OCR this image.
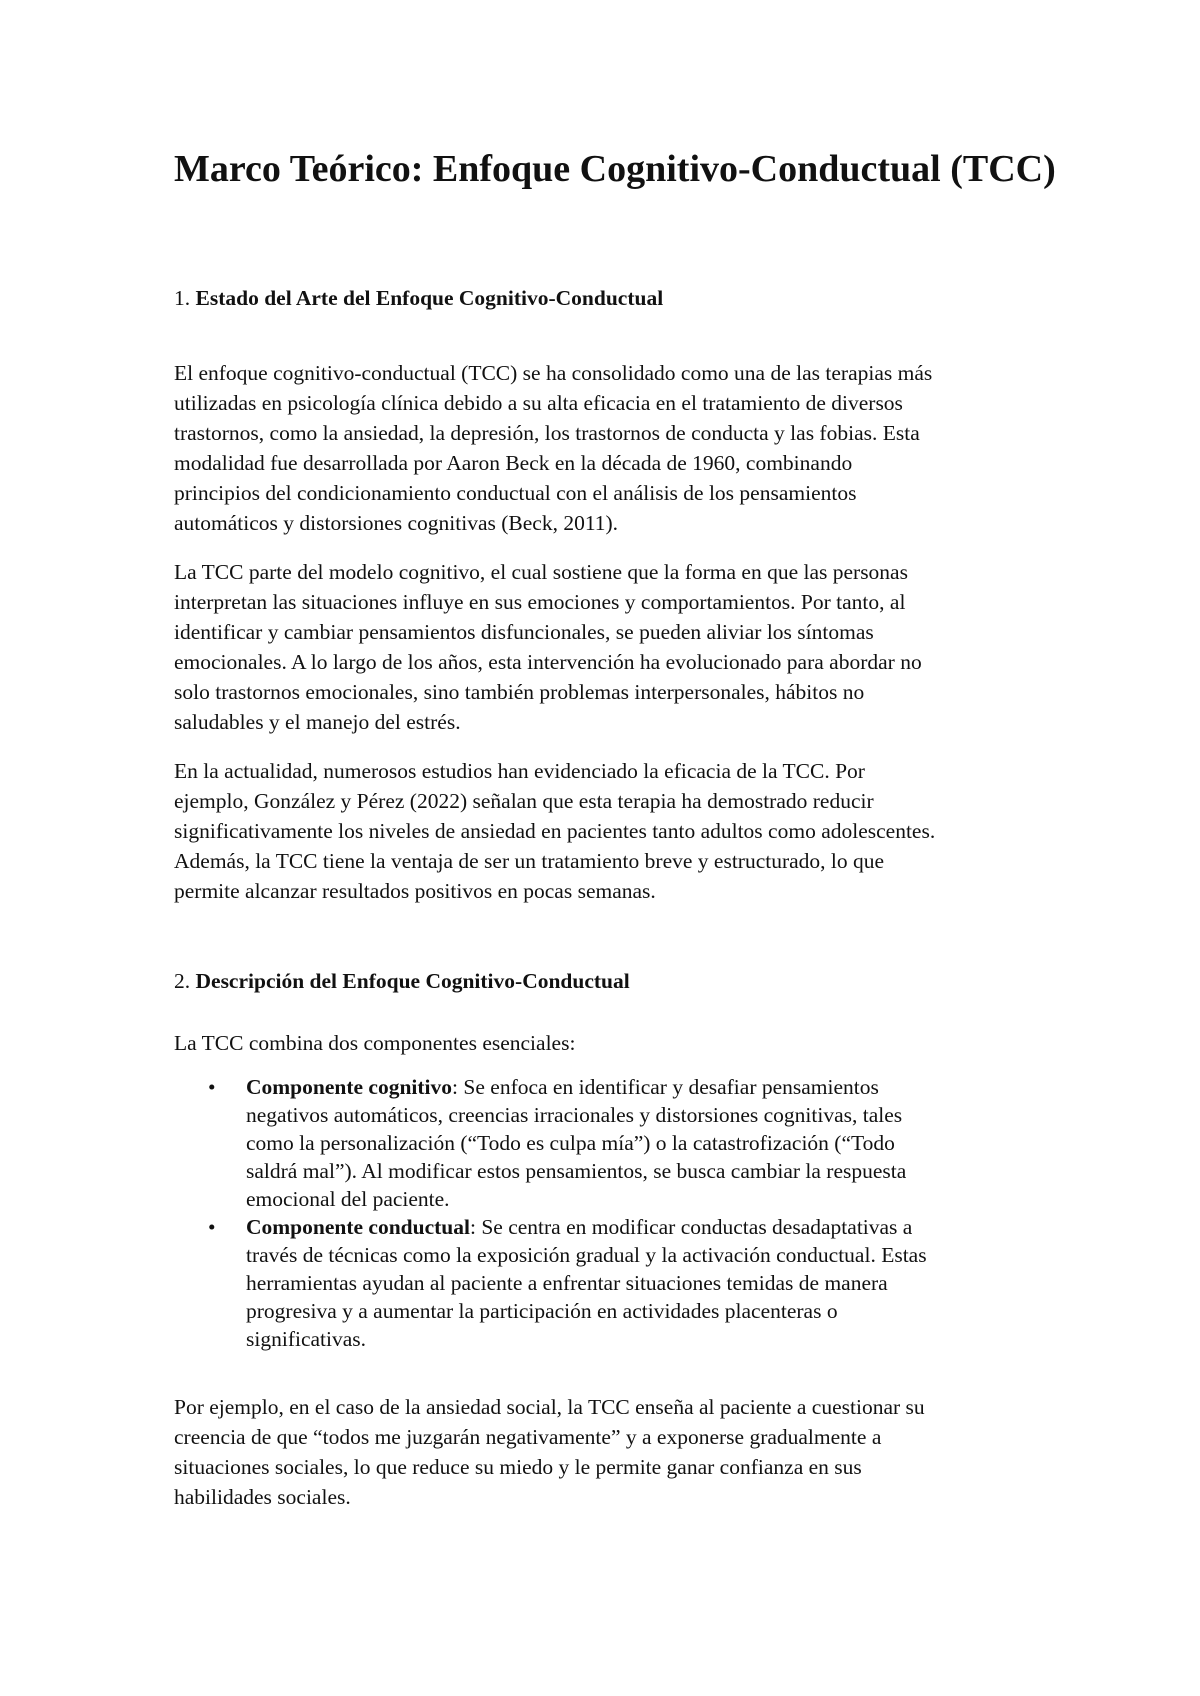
Marco Teórico: Enfoque Cognitivo-Conductual (TCC)

1. Estado del Arte del Enfoque Cognitivo-Conductual

El enfoque cognitivo-conductual (TCC) se ha consolidado como una de las terapias más
utilizadas en psicología clínica debido a su alta eficacia en el tratamiento de diversos
trastornos, como la ansiedad, la depresión, los trastornos de conducta y las fobias. Esta
modalidad fue desarrollada por Aaron Beck en la década de 1960, combinando
principios del condicionamiento conductual con el análisis de los pensamientos
automáticos y distorsiones cognitivas (Beck, 2011).

La TCC parte del modelo cognitivo, el cual sostiene que la forma en que las personas
interpretan las situaciones influye en sus emociones y comportamientos. Por tanto, al
identificar y cambiar pensamientos disfuncionales, se pueden aliviar los síntomas
emocionales. A lo largo de los años, esta intervención ha evolucionado para abordar no
solo trastornos emocionales, sino también problemas interpersonales, hábitos no
saludables y el manejo del estrés.

En la actualidad, numerosos estudios han evidenciado la eficacia de la TCC. Por
ejemplo, González y Pérez (2022) señalan que esta terapia ha demostrado reducir
significativamente los niveles de ansiedad en pacientes tanto adultos como adolescentes.
Además, la TCC tiene la ventaja de ser un tratamiento breve y estructurado, lo que
permite alcanzar resultados positivos en pocas semanas.

2. Descripción del Enfoque Cognitivo-Conductual

La TCC combina dos componentes esenciales:

• Componente cognitivo: Se enfoca en identificar y desafiar pensamientos
negativos automáticos, creencias irracionales y distorsiones cognitivas, tales
como la personalización (“Todo es culpa mía”) o la catastrofización (“Todo
saldrá mal”). Al modificar estos pensamientos, se busca cambiar la respuesta
emocional del paciente.
• Componente conductual: Se centra en modificar conductas desadaptativas a
través de técnicas como la exposición gradual y la activación conductual. Estas
herramientas ayudan al paciente a enfrentar situaciones temidas de manera
progresiva y a aumentar la participación en actividades placenteras o
significativas.

Por ejemplo, en el caso de la ansiedad social, la TCC enseña al paciente a cuestionar su
creencia de que “todos me juzgarán negativamente” y a exponerse gradualmente a
situaciones sociales, lo que reduce su miedo y le permite ganar confianza en sus
habilidades sociales.
